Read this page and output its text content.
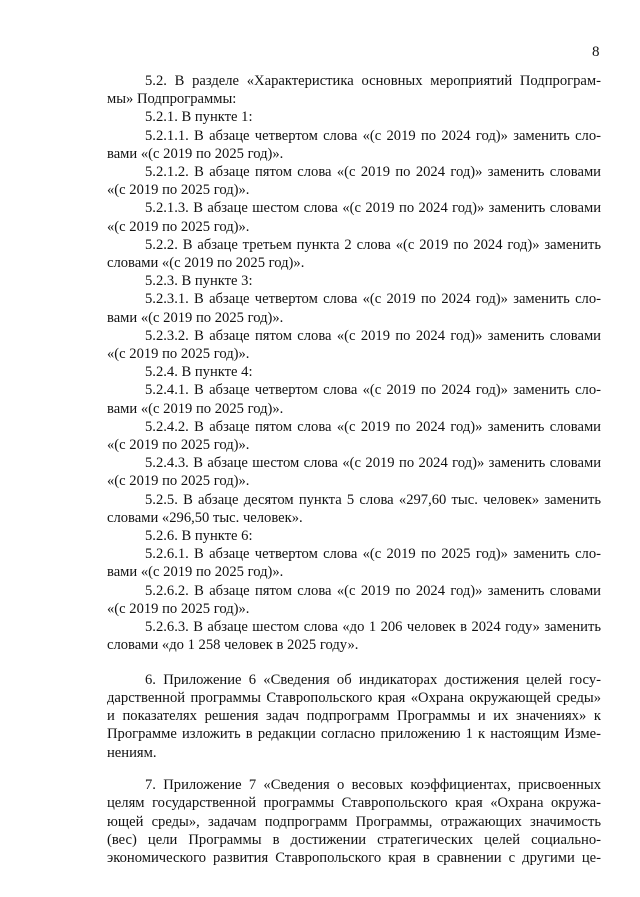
8
5.2. В разделе «Характеристика основных мероприятий Подпрограм-
мы» Подпрограммы:
5.2.1. В пункте 1:
5.2.1.1. В абзаце четвертом слова «(с 2019 по 2024 год)» заменить сло-
вами «(с 2019 по 2025 год)».
5.2.1.2. В абзаце пятом слова «(с 2019 по 2024 год)» заменить словами
«(с 2019 по 2025 год)».
5.2.1.3. В абзаце шестом слова «(с 2019 по 2024 год)» заменить словами
«(с 2019 по 2025 год)».
5.2.2. В абзаце третьем пункта 2 слова «(с 2019 по 2024 год)» заменить
словами «(с 2019 по 2025 год)».
5.2.3. В пункте 3:
5.2.3.1. В абзаце четвертом слова «(с 2019 по 2024 год)» заменить сло-
вами «(с 2019 по 2025 год)».
5.2.3.2. В абзаце пятом слова «(с 2019 по 2024 год)» заменить словами
«(с 2019 по 2025 год)».
5.2.4. В пункте 4:
5.2.4.1. В абзаце четвертом слова «(с 2019 по 2024 год)» заменить сло-
вами «(с 2019 по 2025 год)».
5.2.4.2. В абзаце пятом слова «(с 2019 по 2024 год)» заменить словами
«(с 2019 по 2025 год)».
5.2.4.3. В абзаце шестом слова «(с 2019 по 2024 год)» заменить словами
«(с 2019 по 2025 год)».
5.2.5. В абзаце десятом пункта 5 слова «297,60 тыс. человек» заменить
словами «296,50 тыс. человек».
5.2.6. В пункте 6:
5.2.6.1. В абзаце четвертом слова «(с 2019 по 2025 год)» заменить сло-
вами «(с 2019 по 2025 год)».
5.2.6.2. В абзаце пятом слова «(с 2019 по 2024 год)» заменить словами
«(с 2019 по 2025 год)».
5.2.6.3. В абзаце шестом слова «до 1 206 человек в 2024 году» заменить
словами «до 1 258 человек в 2025 году».
6. Приложение 6 «Сведения об индикаторах достижения целей госу-
дарственной программы Ставропольского края «Охрана окружающей среды»
и показателях решения задач подпрограмм Программы и их значениях» к
Программе изложить в редакции согласно приложению 1 к настоящим Изме-
нениям.
7. Приложение 7 «Сведения о весовых коэффициентах, присвоенных
целям государственной программы Ставропольского края «Охрана окружа-
ющей среды», задачам подпрограмм Программы, отражающих значимость
(вес) цели Программы в достижении стратегических целей социально-
экономического развития Ставропольского края в сравнении с другими це-
